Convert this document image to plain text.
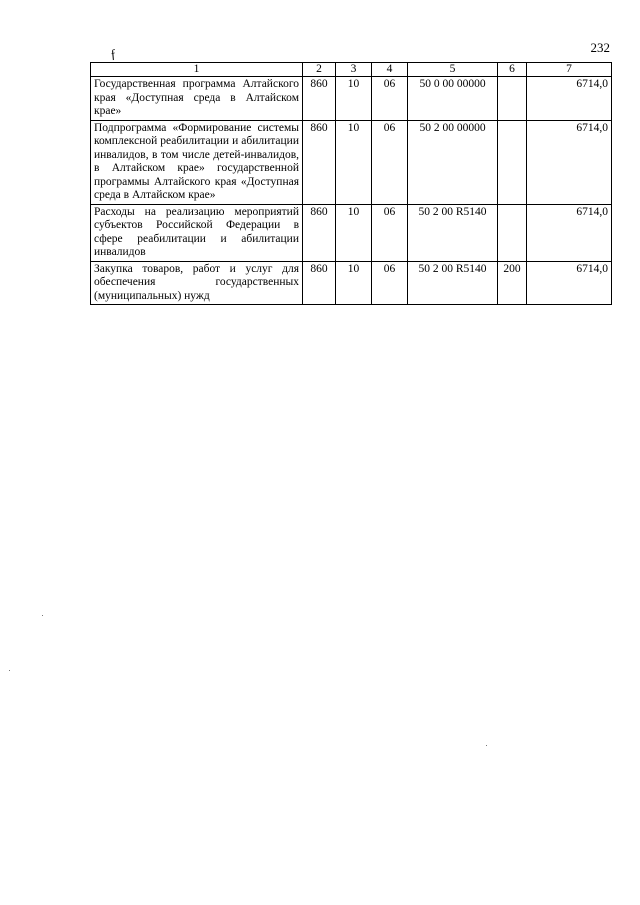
232
ƒ
1	2	3	4	5	6	7
Государственная программа Алтайского края «Доступная среда в Алтайском крае»	860	10	06	50 0 00 00000		6714,0
Подпрограмма «Формирование системы комплексной реабилитации и абилитации инвалидов, в том числе детей-инвалидов, в Алтайском крае» государственной программы Алтайского края «Доступная среда в Алтайском крае»	860	10	06	50 2 00 00000		6714,0
Расходы на реализацию мероприятий субъектов Российской Федерации в сфере реабилитации и абилитации инвалидов	860	10	06	50 2 00 R5140		6714,0
Закупка товаров, работ и услуг для обеспечения государственных (муниципальных) нужд	860	10	06	50 2 00 R5140	200	6714,0
